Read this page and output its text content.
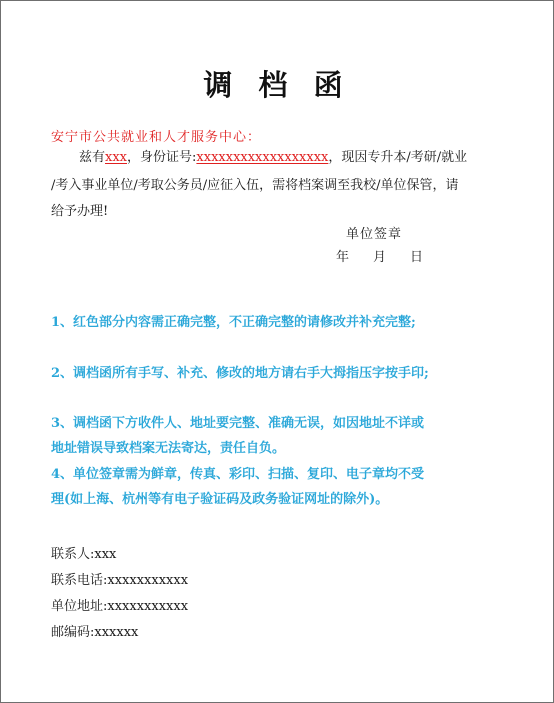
调 档 函
安宁市公共就业和人才服务中心：
兹有xxx，身份证号:xxxxxxxxxxxxxxxxxx，现因专升本/考研/就业
/考入事业单位/考取公务员/应征入伍，需将档案调至我校/单位保管，请
给予办理!
单位签章
年 月 日
1、红色部分内容需正确完整，不正确完整的请修改并补充完整;
2、调档函所有手写、补充、修改的地方请右手大拇指压字按手印;
3、调档函下方收件人、地址要完整、准确无误，如因地址不详或地址错误导致档案无法寄达，责任自负。
4、单位签章需为鲜章，传真、彩印、扫描、复印、电子章均不受理(如上海、杭州等有电子验证码及政务验证网址的除外)。
联系人:xxx
联系电话:xxxxxxxxxxx
单位地址:xxxxxxxxxxx
邮编码:xxxxxx
